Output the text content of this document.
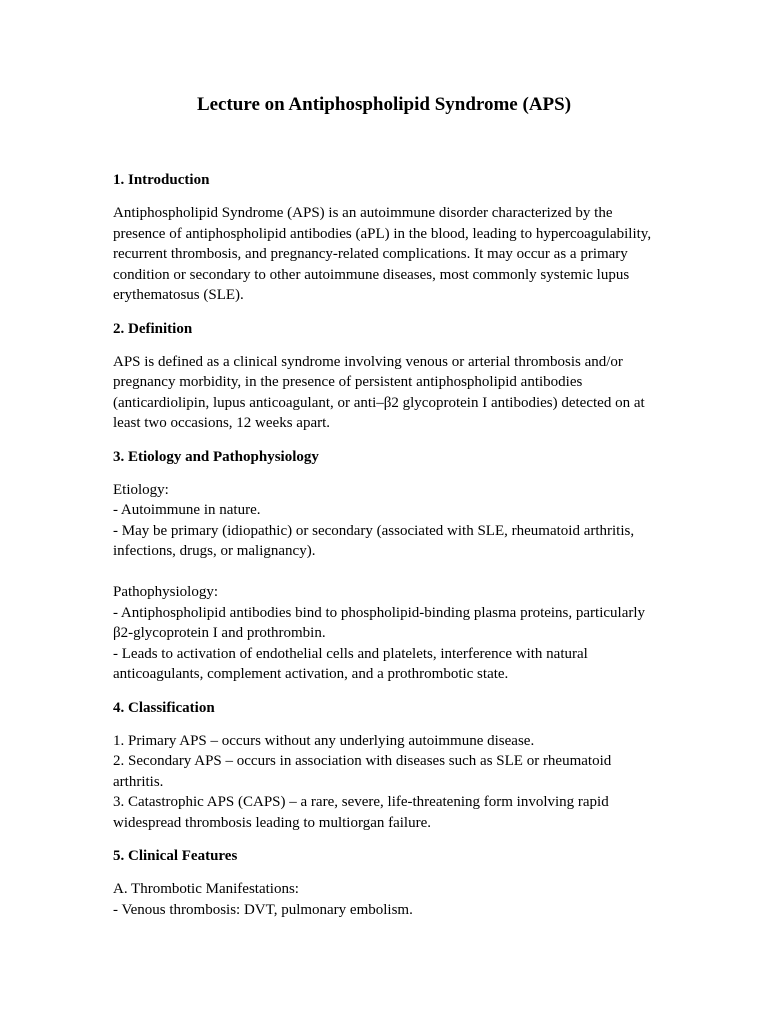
Lecture on Antiphospholipid Syndrome (APS)
1. Introduction

Antiphospholipid Syndrome (APS) is an autoimmune disorder characterized by the presence of antiphospholipid antibodies (aPL) in the blood, leading to hypercoagulability, recurrent thrombosis, and pregnancy-related complications. It may occur as a primary condition or secondary to other autoimmune diseases, most commonly systemic lupus erythematosus (SLE).

2. Definition

APS is defined as a clinical syndrome involving venous or arterial thrombosis and/or pregnancy morbidity, in the presence of persistent antiphospholipid antibodies (anticardiolipin, lupus anticoagulant, or anti–β2 glycoprotein I antibodies) detected on at least two occasions, 12 weeks apart.

3. Etiology and Pathophysiology
Etiology:
- Autoimmune in nature.
- May be primary (idiopathic) or secondary (associated with SLE, rheumatoid arthritis, infections, drugs, or malignancy).
Pathophysiology:
- Antiphospholipid antibodies bind to phospholipid-binding plasma proteins, particularly β2-glycoprotein I and prothrombin.
- Leads to activation of endothelial cells and platelets, interference with natural anticoagulants, complement activation, and a prothrombotic state.
4. Classification
1. Primary APS – occurs without any underlying autoimmune disease.
2. Secondary APS – occurs in association with diseases such as SLE or rheumatoid arthritis.
3. Catastrophic APS (CAPS) – a rare, severe, life-threatening form involving rapid widespread thrombosis leading to multiorgan failure.
5. Clinical Features
A. Thrombotic Manifestations:
- Venous thrombosis: DVT, pulmonary embolism.
